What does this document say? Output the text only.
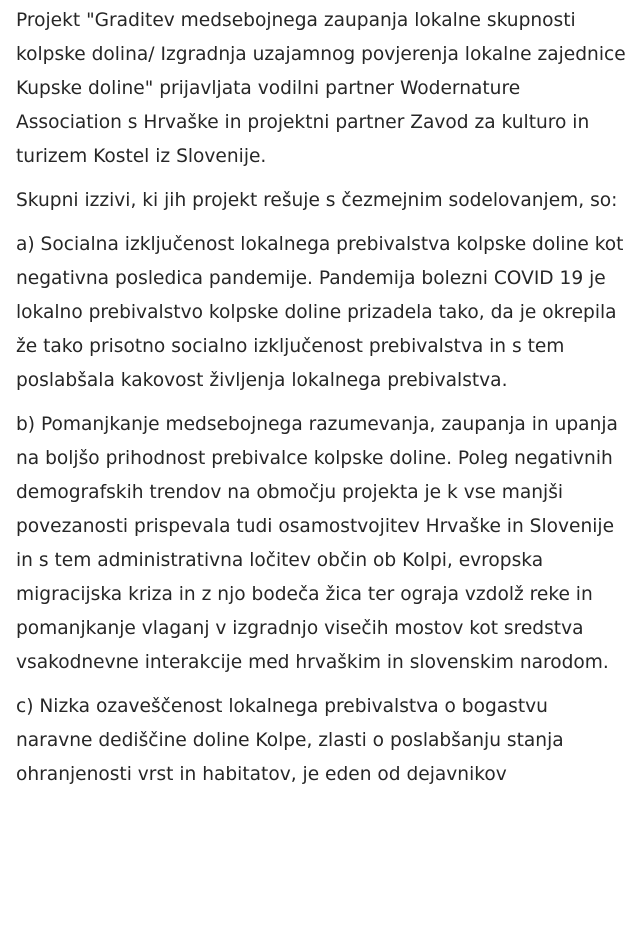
Projekt "Graditev medsebojnega zaupanja lokalne skupnosti kolpske dolina/ Izgradnja uzajamnog povjerenja lokalne zajednice Kupske doline" prijavljata vodilni partner Wodernature Association s Hrvaške in projektni partner Zavod za kulturo in turizem Kostel iz Slovenije.

Skupni izzivi, ki jih projekt rešuje s čezmejnim sodelovanjem, so:

a) Socialna izključenost lokalnega prebivalstva kolpske doline kot negativna posledica pandemije. Pandemija bolezni COVID 19 je lokalno prebivalstvo kolpske doline prizadela tako, da je okrepila že tako prisotno socialno izključenost prebivalstva in s tem poslabšala kakovost življenja lokalnega prebivalstva.

b) Pomanjkanje medsebojnega razumevanja, zaupanja in upanja na boljšo prihodnost prebivalce kolpske doline. Poleg negativnih demografskih trendov na območju projekta je k vse manjši povezanosti prispevala tudi osamostvojitev Hrvaške in Slovenije in s tem administrativna ločitev občin ob Kolpi, evropska migracijska kriza in z njo bodeča žica ter ograja vzdolž reke in pomanjkanje vlaganj v izgradnjo visečih mostov kot sredstva vsakodnevne interakcije med hrvaškim in slovenskim narodom.

c) Nizka ozaveščenost lokalnega prebivalstva o bogastvu naravne dediščine doline Kolpe, zlasti o poslabšanju stanja ohranjenosti vrst in habitatov, je eden od dejavnikov
